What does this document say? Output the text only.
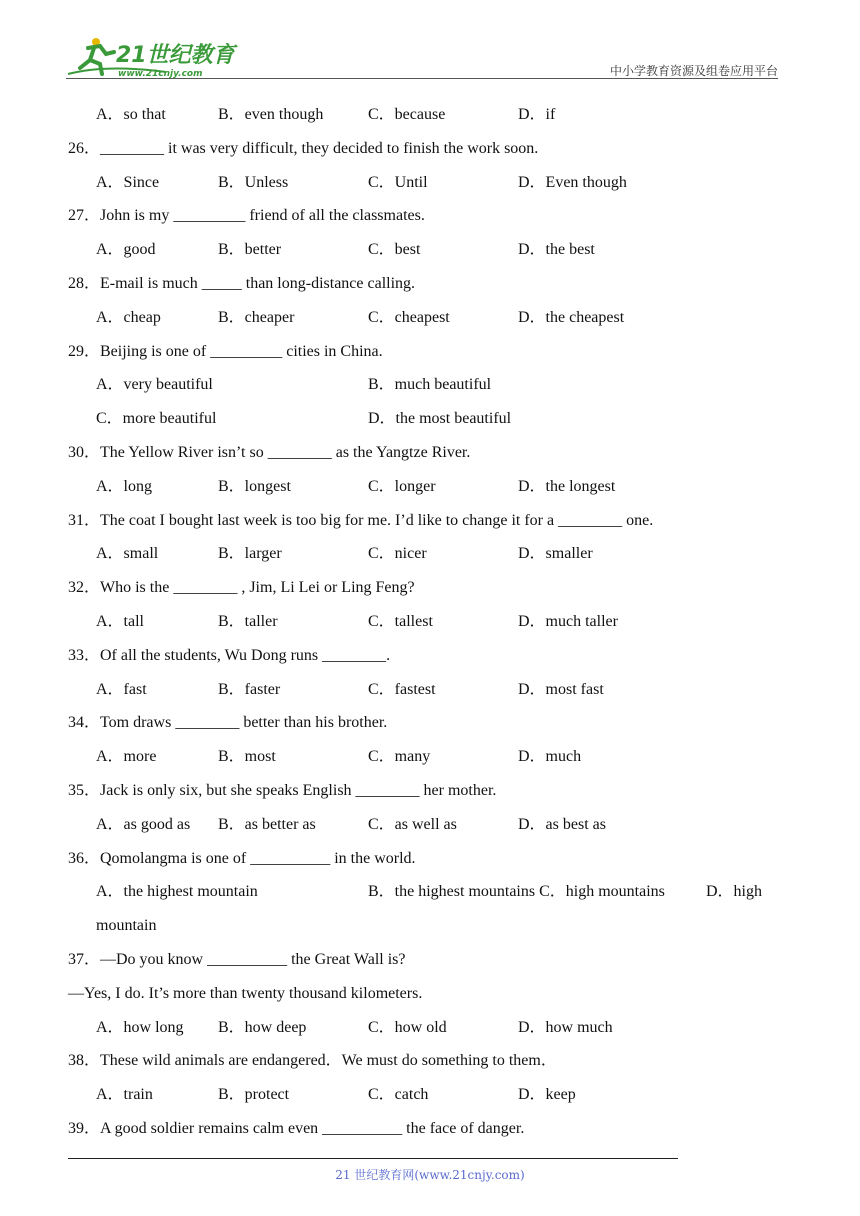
21世纪教育
www.21cnjy.com	中小学教育资源及组卷应用平台
A．so that	B．even though	C．because	D．if
26．________ it was very difficult, they decided to finish the work soon.
A．Since	B．Unless	C．Until	D．Even though
27．John is my _________ friend of all the classmates.
A．good	B．better	C．best	D．the best
28．E-mail is much _____ than long-distance calling.
A．cheap	B．cheaper	C．cheapest	D．the cheapest
29．Beijing is one of _________ cities in China.
A．very beautiful	B．much beautiful
C．more beautiful	D．the most beautiful
30．The Yellow River isn’t so ________ as the Yangtze River.
A．long	B．longest	C．longer	D．the longest
31．The coat I bought last week is too big for me. I’d like to change it for a ________ one.
A．small	B．larger	C．nicer	D．smaller
32．Who is the ________ , Jim, Li Lei or Ling Feng?
A．tall	B．taller	C．tallest	D．much taller
33．Of all the students, Wu Dong runs ________.
A．fast	B．faster	C．fastest	D．most fast
34．Tom draws ________ better than his brother.
A．more	B．most	C．many	D．much
35．Jack is only six, but she speaks English ________ her mother.
A．as good as B．as better as	C．as well as	D．as best as
36．Qomolangma is one of __________ in the world.
A．the highest mountain	B．the highest mountains C．high mountains	D．high
mountain
37．—Do you know __________ the Great Wall is?
—Yes, I do. It’s more than twenty thousand kilometers.
A．how long B．how deep	C．how old	D．how much
38．These wild animals are endangered．We must do something to them．
A．train	B．protect	C．catch	D．keep
39．A good soldier remains calm even __________ the face of danger.
21 世纪教育网(www.21cnjy.com)
